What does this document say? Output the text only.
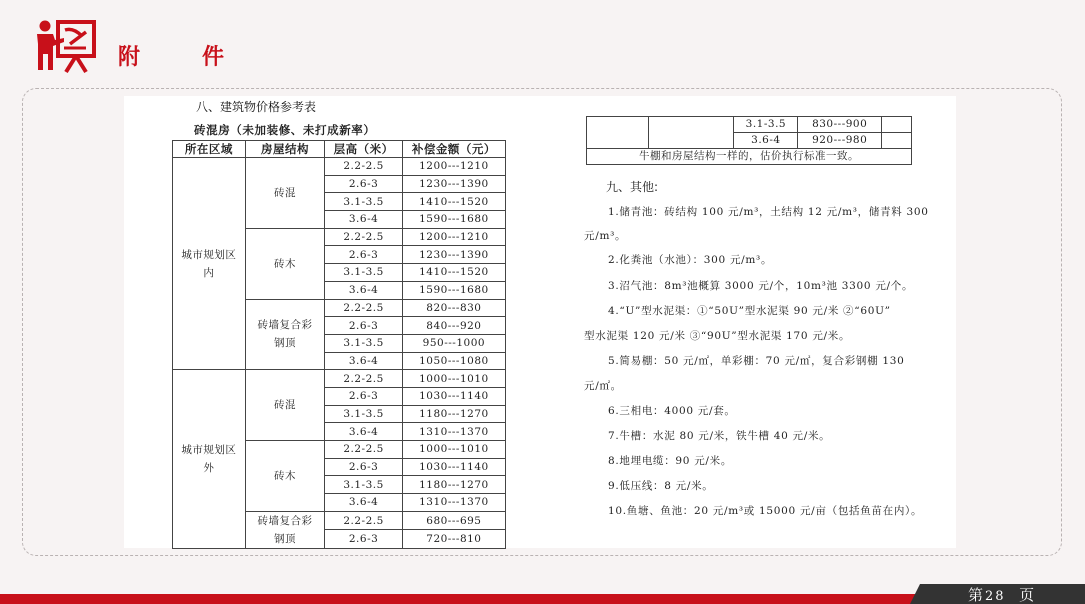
附	件
八、建筑物价格参考表
砖混房（未加装修、未打成新率）
所在区域	房屋结构	层高（米）	补偿金额（元）
城市规划区内	砖混	2.2-2.5	1200---1210
		2.6-3	1230---1390
		3.1-3.5	1410---1520
		3.6-4	1590---1680
	砖木	2.2-2.5	1200---1210
		2.6-3	1230---1390
		3.1-3.5	1410---1520
		3.6-4	1590---1680
	砖墙复合彩钢顶	2.2-2.5	820---830
		2.6-3	840---920
		3.1-3.5	950---1000
		3.6-4	1050---1080
城市规划区外	砖混	2.2-2.5	1000---1010
		2.6-3	1030---1140
		3.1-3.5	1180---1270
		3.6-4	1310---1370
	砖木	2.2-2.5	1000---1010
		2.6-3	1030---1140
		3.1-3.5	1180---1270
		3.6-4	1310---1370
	砖墙复合彩钢顶	2.2-2.5	680---695
		2.6-3	720---810
		3.1-3.5	830---900	
		3.6-4	920---980	
牛棚和房屋结构一样的，估价执行标准一致。				
九、其他:
1.储青池：砖结构 100 元/m³，土结构 12 元/m³，储青料 300
元/m³。
2.化粪池（水池）：300 元/m³。
3.沼气池：8m³池概算 3000 元/个，10m³池 3300 元/个。
4.“U”型水泥渠：①“50U”型水泥渠 90 元/米 ②“60U”
型水泥渠 120 元/米 ③“90U”型水泥渠 170 元/米。
5.简易棚：50 元/㎡，单彩棚：70 元/㎡，复合彩钢棚 130
元/㎡。
6.三相电：4000 元/套。
7.牛槽：水泥 80 元/米，铁牛槽 40 元/米。
8.地埋电缆：90 元/米。
9.低压线：8 元/米。
10.鱼塘、鱼池：20 元/m³或 15000 元/亩（包括鱼苗在内）。
第28 页
